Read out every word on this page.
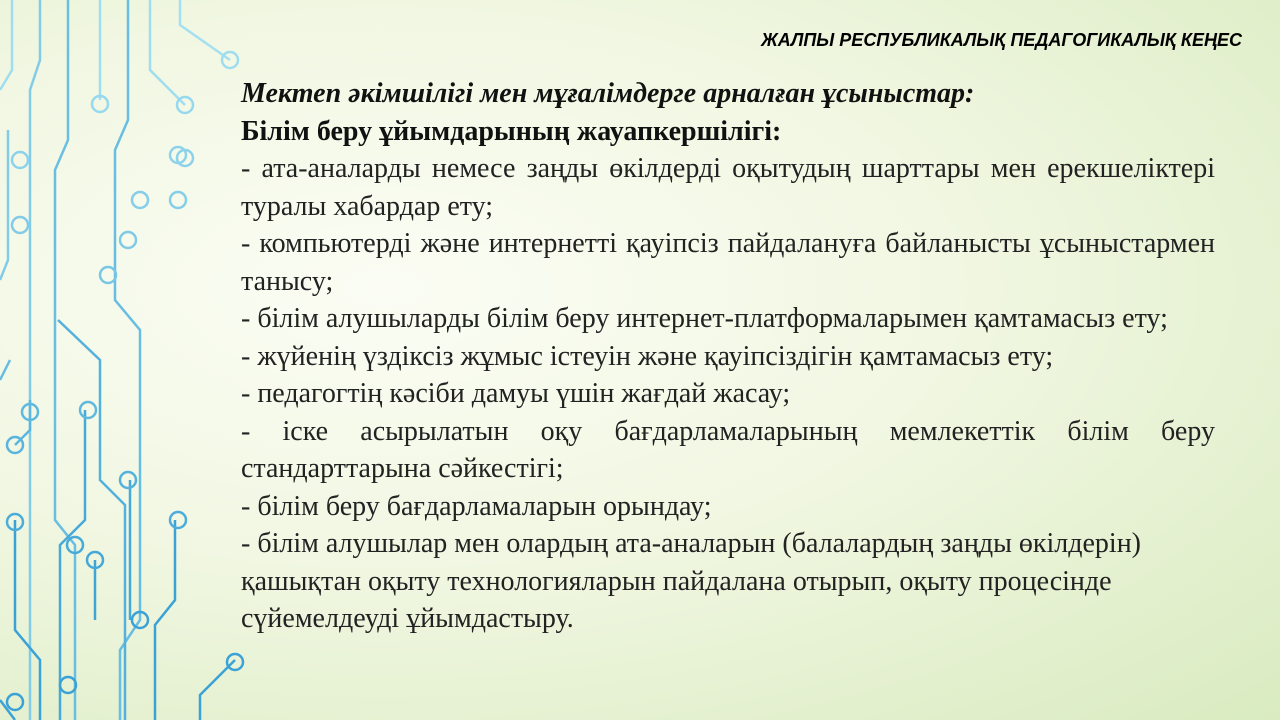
ЖАЛПЫ РЕСПУБЛИКАЛЫҚ ПЕДАГОГИКАЛЫҚ КЕҢЕС
Мектеп әкімшілігі мен мұғалімдерге арналған ұсыныстар:
Білім беру ұйымдарының жауапкершілігі:
- ата-аналарды немесе заңды өкілдерді оқытудың шарттары мен ерекшеліктері туралы хабардар ету;
- компьютерді және интернетті қауіпсіз пайдалануға байланысты ұсыныстармен танысу;
- білім алушыларды білім беру интернет-платформаларымен қамтамасыз ету;
- жүйенің үздіксіз жұмыс істеуін және қауіпсіздігін қамтамасыз ету;
- педагогтің кәсіби дамуы үшін жағдай жасау;
- іске асырылатын оқу бағдарламаларының мемлекеттік білім беру стандарттарына сәйкестігі;
- білім беру бағдарламаларын орындау;
- білім алушылар мен олардың ата-аналарын (балалардың заңды өкілдерін) қашықтан оқыту технологияларын пайдалана отырып, оқыту процесінде сүйемелдеуді ұйымдастыру.
